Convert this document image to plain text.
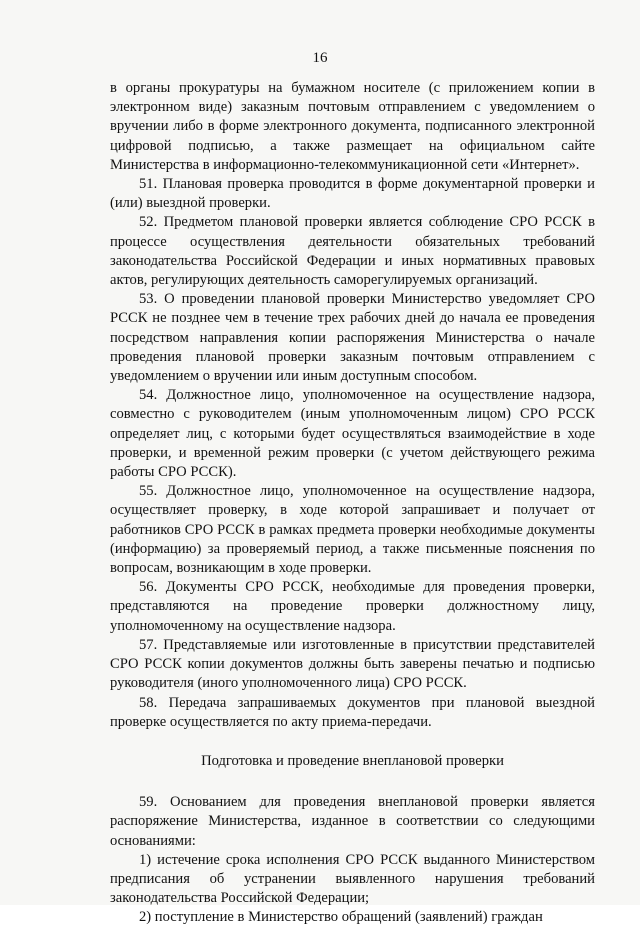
16

в органы прокуратуры на бумажном носителе (с приложением копии в электронном виде) заказным почтовым отправлением с уведомлением о вручении либо в форме электронного документа, подписанного электронной цифровой подписью, а также размещает на официальном сайте Министерства в информационно-телекоммуникационной сети «Интернет».

51. Плановая проверка проводится в форме документарной проверки и (или) выездной проверки.

52. Предметом плановой проверки является соблюдение СРО РССК в процессе осуществления деятельности обязательных требований законодательства Российской Федерации и иных нормативных правовых актов, регулирующих деятельность саморегулируемых организаций.

53. О проведении плановой проверки Министерство уведомляет СРО РССК не позднее чем в течение трех рабочих дней до начала ее проведения посредством направления копии распоряжения Министерства о начале проведения плановой проверки заказным почтовым отправлением с уведомлением о вручении или иным доступным способом.

54. Должностное лицо, уполномоченное на осуществление надзора, совместно с руководителем (иным уполномоченным лицом) СРО РССК определяет лиц, с которыми будет осуществляться взаимодействие в ходе проверки, и временной режим проверки (с учетом действующего режима работы СРО РССК).

55. Должностное лицо, уполномоченное на осуществление надзора, осуществляет проверку, в ходе которой запрашивает и получает от работников СРО РССК в рамках предмета проверки необходимые документы (информацию) за проверяемый период, а также письменные пояснения по вопросам, возникающим в ходе проверки.

56. Документы СРО РССК, необходимые для проведения проверки, представляются на проведение проверки должностному лицу, уполномоченному на осуществление надзора.

57. Представляемые или изготовленные в присутствии представителей СРО РССК копии документов должны быть заверены печатью и подписью руководителя (иного уполномоченного лица) СРО РССК.

58. Передача запрашиваемых документов при плановой выездной проверке осуществляется по акту приема-передачи.

Подготовка и проведение внеплановой проверки

59. Основанием для проведения внеплановой проверки является распоряжение Министерства, изданное в соответствии со следующими основаниями:

1) истечение срока исполнения СРО РССК выданного Министерством предписания об устранении выявленного нарушения требований законодательства Российской Федерации;

2) поступление в Министерство обращений (заявлений) граждан
